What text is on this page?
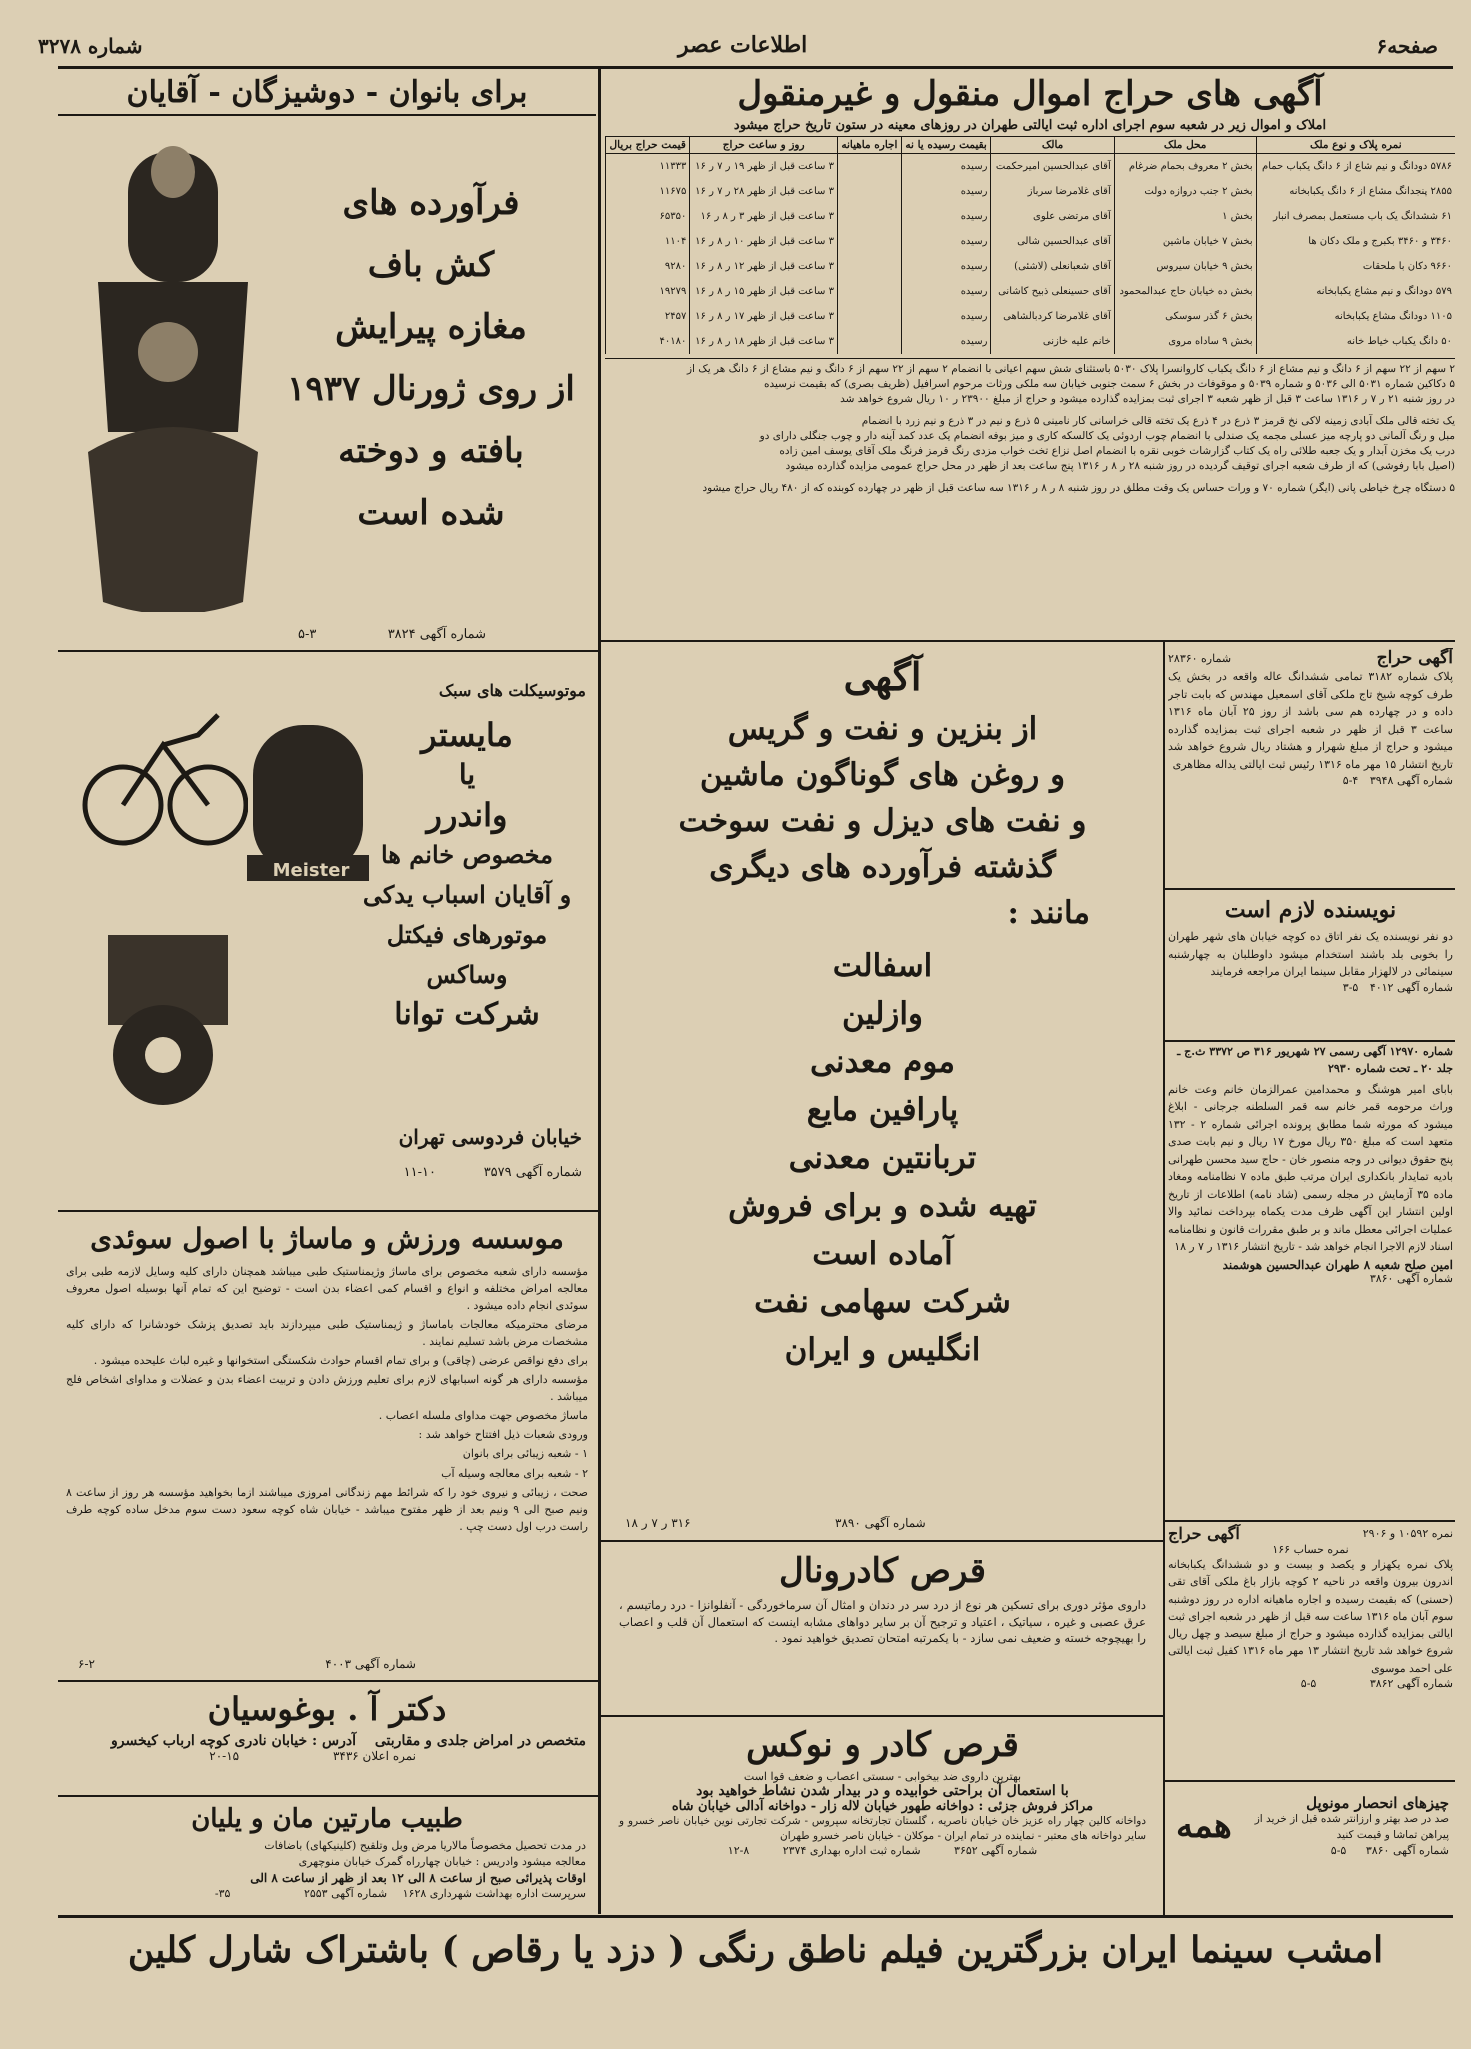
صفحه۶
اطلاعات عصر
شماره ۳۲۷۸
آگهی های حراج اموال منقول و غیرمنقول
املاک و اموال زیر در شعبه سوم اجرای اداره ثبت ایالتی طهران در روزهای معینه در ستون تاریخ حراج میشود
نمره پلاک و نوع ملک	محل ملک	مالک	بقیمت رسیده یا نه	اجاره ماهیانه	روز و ساعت حراج	قیمت حراج بریال
۵۷۸۶ دودانگ و نیم شاع از ۶ دانگ یکباب حمام	بخش ۲ معروف بحمام ضرغام	آقای عبدالحسین امیرحکمت	رسیده		۳ ساعت قبل از ظهر ۱۹ ر ۷ ر ۱۶	۱۱۳۳۳
۲۸۵۵ پنجدانگ مشاع از ۶ دانگ یکبابخانه	بخش ۲ جنب دروازه دولت	آقای غلامرضا سرباز	رسیده		۳ ساعت قبل از ظهر ۲۸ ر ۷ ر ۱۶	۱۱۶۷۵
۶۱ ششدانگ یک باب مستعمل بمصرف انبار	بخش ۱	آقای مرتضی علوی	رسیده		۳ ساعت قبل از ظهر ۳ ر ۸ ر ۱۶	۶۵۳۵۰
۳۴۶۰ و ۳۴۶۰ بکبرج و ملک دکان ها	بخش ۷ خیابان ماشین	آقای عبدالحسین شالی	رسیده		۳ ساعت قبل از ظهر ۱۰ ر ۸ ر ۱۶	۱۱۰۴
۹۶۶۰ دکان با ملحقات	بخش ۹ خیابان سیروس	آقای شعبانعلی (لاشئی)	رسیده		۳ ساعت قبل از ظهر ۱۲ ر ۸ ر ۱۶	۹۲۸۰
۵۷۹ دودانگ و نیم مشاع یکبابخانه	بخش ده خیابان حاج عبدالمحمود	آقای حسینعلی ذبیح کاشانی	رسیده		۳ ساعت قبل از ظهر ۱۵ ر ۸ ر ۱۶	۱۹۲۷۹
۱۱۰۵ دودانگ مشاع یکبابخانه	بخش ۶ گذر سوسکی	آقای غلامرضا کردبالشاهی	رسیده		۳ ساعت قبل از ظهر ۱۷ ر ۸ ر ۱۶	۲۴۵۷
۵۰ دانگ یکباب خیاط خانه	بخش ۹ ساداه مروی	خانم علیه خازنی	رسیده		۳ ساعت قبل از ظهر ۱۸ ر ۸ ر ۱۶	۴۰۱۸۰

۲ سهم از ۲۲ سهم از ۶ دانگ و نیم مشاع از ۶ دانگ یکباب کاروانسرا پلاک ۵۰۳۰ باستثنای شش سهم اعیانی با انضمام ۲ سهم از ۲۲ سهم از ۶ دانگ و نیم مشاع از ۶ دانگ هر یک از

۵ دکاکین شماره ۵۰۳۱ الی ۵۰۳۶ و شماره ۵۰۳۹ و موقوفات در بخش ۶ سمت جنوبی خیابان سه ملکی ورثات مرحوم اسرافیل (ظریف بصری) که بقیمت نرسیده

در روز شنبه ۲۱ ر ۷ ر ۱۳۱۶ ساعت ۳ قبل از ظهر شعبه ۳ اجرای ثبت بمزایده گذارده میشود و حراج از مبلغ ۲۳۹۰۰ ر ۱۰ ریال شروع خواهد شد

یک تخته قالی ملک آبادی زمینه لاکی نخ قرمز ۳ ذرع در ۴ ذرع یک تخته قالی خراسانی کار نامینی ۵ ذرع و نیم در ۳ ذرع و نیم زرد با انضمام

مبل و رنگ آلمانی دو پارچه میز عسلی مجمه یک صندلی با انضمام چوب اردوئی یک کالسکه کاری و میز بوفه انضمام یک عدد کمد آینه دار و چوب جنگلی دارای دو

درب یک مخزن آبدار و یک جعبه طلائی راه یک کتاب گزارشات خوبی نقره با انضمام اصل نزاع تخت خواب مزدی رنگ قرمز فرنگ ملک آقای یوسف امین زاده

(اصیل بابا رفوشی) که از طرف شعبه اجرای توقیف گردیده در روز شنبه ۲۸ ر ۸ ر ۱۳۱۶ پنج ساعت بعد از ظهر در محل حراج عمومی مزایده گذارده میشود

۵ دستگاه چرخ خیاطی پانی (ایگر) شماره ۷۰ و ورات حساس یک وقت مطلق در روز شنبه ۸ ر ۸ ر ۱۳۱۶ سه ساعت قبل از ظهر در چهارده کوبنده که از ۴۸۰ ریال حراج میشود

برای بانوان - دوشیزگان - آقایان
فرآورده های
کش باف
مغازه پیرایش
از روی ژورنال ۱۹۳۷
بافته و دوخته
شده است
شماره آگهی ۳۸۲۴
۵-۳
موتوسیکلت های سبک
Meister
مایستر
یا
واندرر
مخصوص خانم ها
و آقایان اسباب یدکی
موتورهای فیکتل
وساکس
شرکت توانا
خیابان فردوسی تهران
شماره آگهی ۳۵۷۹
۱۱-۱۰
موسسه ورزش و ماساژ با اصول سوئدی

مؤسسه دارای شعبه مخصوص برای ماساژ وژیمناستیک طبی میباشد همچنان دارای کلیه وسایل لازمه طبی برای معالجه امراض مختلفه و انواع و اقسام کمی اعضاء بدن است - توضیح این که تمام آنها بوسیله اصول معروف سوئدی انجام داده میشود .

مرضای محترمیکه معالجات باماساژ و ژیمناستیک طبی میپردازند باید تصدیق پزشک خودشانرا که دارای کلیه مشخصات مرض باشد تسلیم نمایند .

برای دفع نواقص عرضی (چاقی) و برای تمام اقسام حوادث شکستگی استخوانها و غیره لباث علیحده میشود .

مؤسسه دارای هر گونه اسبابهای لازم برای تعلیم ورزش دادن و تربیت اعضاء بدن و عضلات و مداوای اشخاص فلج میباشد .

ماساژ مخصوص جهت مداوای ملسله اعصاب .

ورودی شعبات ذیل افتتاح خواهد شد :

۱ - شعبه زیبائی برای بانوان

۲ - شعبه برای معالجه وسیله آب

صحت ، زیبائی و نیروی خود را که شرائط مهم زندگانی امروزی میباشند ازما بخواهید مؤسسه هر روز از ساعت ۸ ونیم صبح الی ۹ ونیم بعد از ظهر مفتوح میباشد - خیابان شاه کوچه سعود دست سوم مدخل ساده کوچه طرف راست درب اول دست چپ .

شماره آگهی ۴۰۰۳
۶-۲
دکتر آ . بوغوسیان
متخصص در امراض جلدی و مقاربتی آدرس : خیابان نادری کوچه ارباب کیخسرو
نمره اعلان ۳۴۳۶ ۱۵-۲۰
طبیب مارتین مان و یلیان
در مدت تحصیل مخصوصاً مالاریا مرض وبل وتلقیح (کلینیکهای) باضافات
معالجه میشود وادریس : خیابان چهارراه گمرک خیابان منوچهری
اوقات پذیرائی صبح از ساعت ۸ الی ۱۲ بعد از ظهر از ساعت ۸ الی
سرپرست اداره بهداشت شهرداری ۱۶۲۸ شماره آگهی ۲۵۵۳ ۳۵-
آگهی
از بنزین و نفت و گریس
و روغن های گوناگون ماشین
و نفت های دیزل و نفت سوخت
گذشته فرآورده های دیگری
مانند :
اسفالت
وازلین
موم معدنی
پارافین مایع
تربانتین معدنی
تهیه شده و برای فروش
آماده است
شرکت سهامی نفت
انگلیس و ایران
شماره آگهی ۳۸۹۰
۳۱۶ ر ۷ ر ۱۸
قرص کادرونال
داروی مؤثر دوری برای تسکین هر نوع از درد سر در دندان و امثال آن سرماخوردگی - آنفلوانزا - درد رماتیسم ، عرق عصبی و غیره ، سیاتیک ، اعتیاد و ترجیح آن بر سایر دواهای مشابه اینست که استعمال آن قلب و اعصاب را بهیچوجه خسته و ضعیف نمی سازد - با یکمرتبه امتحان تصدیق خواهید نمود .
قرص کادر و نوکس
بهترین داروی ضد بیخوابی - سستی اعصاب و ضعف قوا است
با استعمال آن براحتی خوابیده و در بیدار شدن نشاط خواهید بود
مراکز فروش جزئی : دواخانه طهور خیابان لاله زار - دواخانه آدالی خیابان شاه
دواخانه کالین چهار راه عزیز خان خیابان ناصریه ، گلستان تجارتخانه سپروس - شرکت تجارتی نوین خیابان ناصر خسرو و سایر دواخانه های معتبر - نماینده در تمام ایران - موکلان - خیابان ناصر خسرو طهران
شماره آگهی ۳۶۵۲ شماره ثبت اداره بهداری ۲۳۷۴ ۸-۱۲
آگهی حراج
شماره ۲۸۳۶۰
پلاک شماره ۳۱۸۲ تمامی ششدانگ عاله واقعه در بخش یک طرف کوچه شیخ تاج ملکی آقای اسمعیل مهندس که بابت تاجر داده و در چهارده هم سی باشد از روز ۲۵ آبان ماه ۱۳۱۶ ساعت ۳ قبل از ظهر در شعبه اجرای ثبت بمزایده گذارده میشود و حراج از مبلغ شهرار و هشتاد ریال شروع خواهد شد تاریخ انتشار ۱۵ مهر ماه ۱۳۱۶ رئیس ثبت ایالتی یداله مظاهری
شماره آگهی ۳۹۴۸ ۴-۵
نویسنده لازم است
دو نفر نویسنده یک نفر اتاق ده کوچه خیابان های شهر طهران را بخوبی بلد باشند استخدام میشود داوطلبان به چهارشنبه سینمائی در لالهزار مقابل سینما ایران مراجعه فرمایند
شماره آگهی ۴۰۱۲ ۵-۳
شماره ۱۲۹۷۰ آگهی رسمی ۲۷ شهریور ۳۱۶ ص ۳۳۷۲ ث.ج ـ جلد ۲۰ ـ تحت شماره ۲۹۳۰
بابای امیر هوشنگ و محمدامین عمرالزمان خانم وعت خانم وراث مرحومه قمر خانم سه قمر السلطنه جرجانی - ابلاغ میشود که مورثه شما مطابق پرونده اجرائی شماره ۲ - ۱۳۲ متعهد است که مبلغ ۳۵۰ ریال مورخ ۱۷ ریال و نیم بابت صدی پنج حقوق دیوانی در وجه منصور خان - حاج سید محسن طهرانی بادیه تمایدار بانکداری ایران مرتب طبق ماده ۷ نظامنامه ومغاد ماده ۳۵ آزمایش در مجله رسمی (شاد نامه) اطلاعات از تاریخ اولین انتشار این آگهی ظرف مدت یکماه بپرداخت نمائید والا عملیات اجرائی معطل ماند و بر طبق مقررات قانون و نظامنامه اسناد لازم الاجرا انجام خواهد شد - تاریخ انتشار ۱۳۱۶ ر ۷ ر ۱۸
امین صلح شعبه ۸ طهران عبدالحسین هوشمند
شماره آگهی ۳۸۶۰
نمره ۱۰۵۹۲ و ۲۹۰۶
آگهی حراج
نمره حساب ۱۶۶
پلاک نمره یکهزار و یکصد و بیست و دو ششدانگ یکبابخانه اندرون بیرون واقعه در ناحیه ۲ کوچه بازار باغ ملکی آقای تقی (حسنی) که بقیمت رسیده و اجاره ماهیانه اداره در روز دوشنبه سوم آبان ماه ۱۳۱۶ ساعت سه قبل از ظهر در شعبه اجرای ثبت ایالتی بمزایده گذارده میشود و حراج از مبلغ سیصد و چهل ریال شروع خواهد شد تاریخ انتشار ۱۳ مهر ماه ۱۳۱۶ کفیل ثبت ایالتی علی احمد موسوی
شماره آگهی ۳۸۶۲ ۵-۵
همه
چیزهای انحصار مونوپل
صد در صد بهتر و ارزانتر شده قبل از خرید از پیراهن تماشا و قیمت کنید
شماره آگهی ۳۸۶۰ ۵-۵
امشب سینما ایران بزرگترین فیلم ناطق رنگی ( دزد یا رقاص ) باشتراک شارل کلین
